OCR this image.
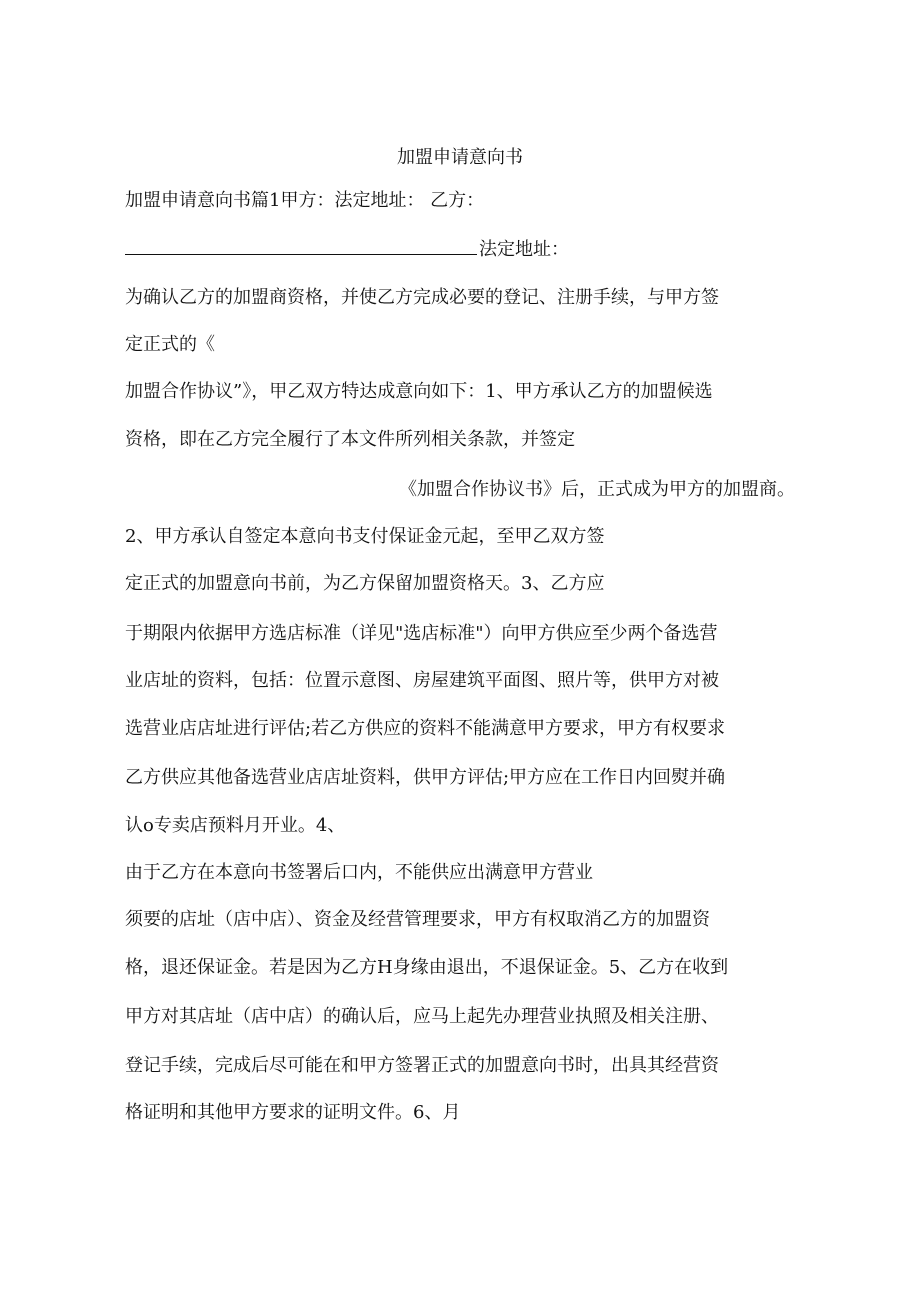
加盟申请意向书
加盟申请意向书篇1甲方：法定地址： 乙方：
法定地址：
为确认乙方的加盟商资格，并使乙方完成必要的登记、注册手续，与甲方签
定正式的《
加盟合作协议”》，甲乙双方特达成意向如下：1、甲方承认乙方的加盟候选
资格，即在乙方完全履行了本文件所列相关条款，并签定
《加盟合作协议书》后，正式成为甲方的加盟商。
2、甲方承认自签定本意向书支付保证金元起，至甲乙双方签
定正式的加盟意向书前，为乙方保留加盟资格天。3、乙方应
于期限内依据甲方选店标准（详见"选店标准"）向甲方供应至少两个备选营
业店址的资料，包括：位置示意图、房屋建筑平面图、照片等，供甲方对被
选营业店店址进行评估;若乙方供应的资料不能满意甲方要求，甲方有权要求
乙方供应其他备选营业店店址资料，供甲方评估;甲方应在工作日内回熨并确
认o专卖店预料月开业。4、
由于乙方在本意向书签署后口内，不能供应出满意甲方营业
须要的店址（店中店）、资金及经营管理要求，甲方有权取消乙方的加盟资
格，退还保证金。若是因为乙方H身缘由退出，不退保证金。5、乙方在收到
甲方对其店址（店中店）的确认后，应马上起先办理营业执照及相关注册、
登记手续，完成后尽可能在和甲方签署正式的加盟意向书时，出具其经营资
格证明和其他甲方要求的证明文件。6、月
